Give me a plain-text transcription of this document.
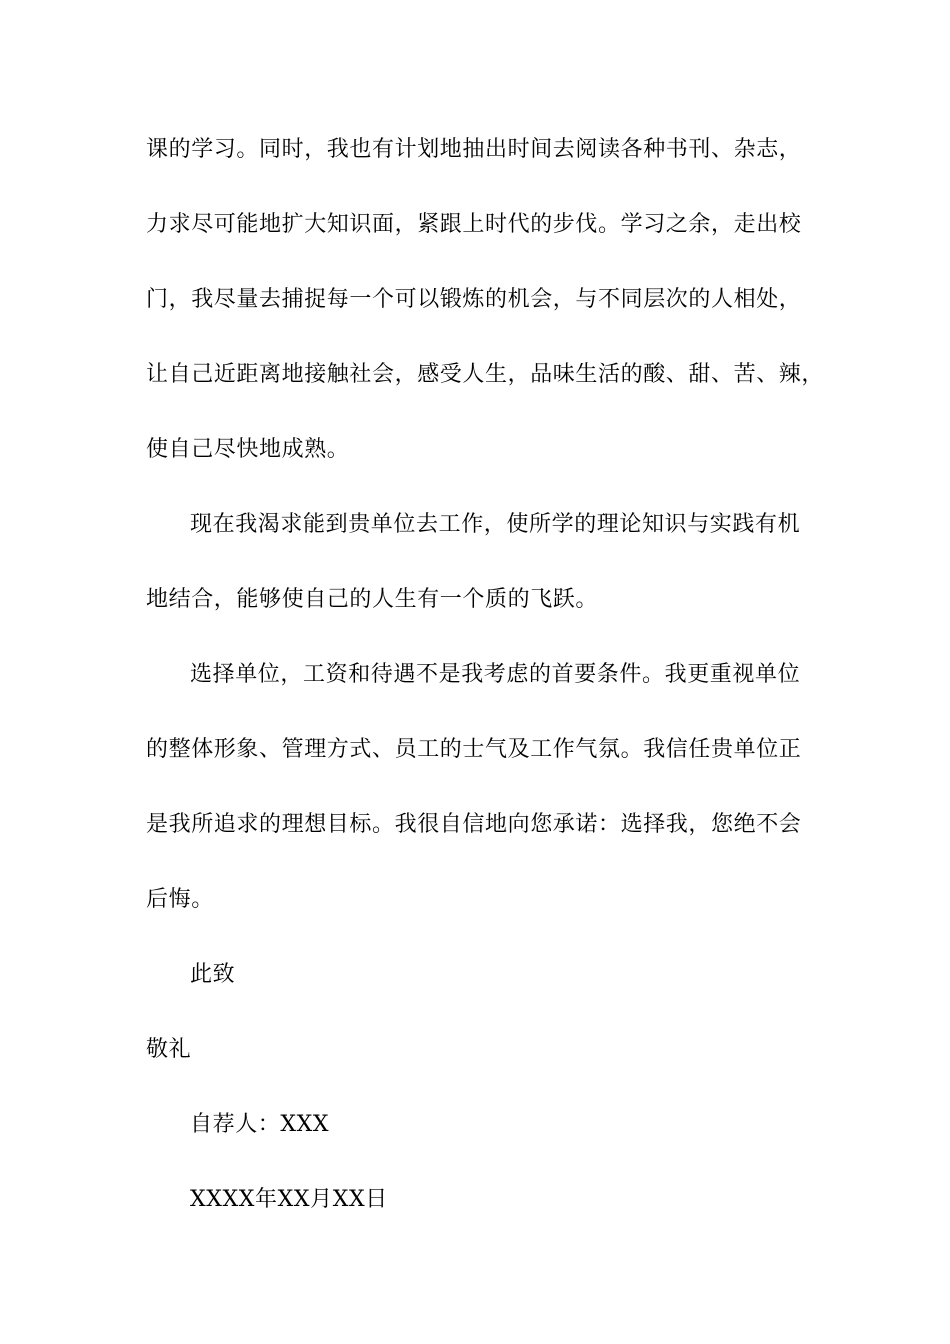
课的学习。同时，我也有计划地抽出时间去阅读各种书刊、杂志，
力求尽可能地扩大知识面，紧跟上时代的步伐。学习之余，走出校
门，我尽量去捕捉每一个可以锻炼的机会，与不同层次的人相处，
让自己近距离地接触社会，感受人生，品味生活的酸、甜、苦、辣，
使自己尽快地成熟。
现在我渴求能到贵单位去工作，使所学的理论知识与实践有机
地结合，能够使自己的人生有一个质的飞跃。
选择单位，工资和待遇不是我考虑的首要条件。我更重视单位
的整体形象、管理方式、员工的士气及工作气氛。我信任贵单位正
是我所追求的理想目标。我很自信地向您承诺：选择我，您绝不会
后悔。
此致
敬礼
自荐人：XXX
XXXX年XX月XX日
